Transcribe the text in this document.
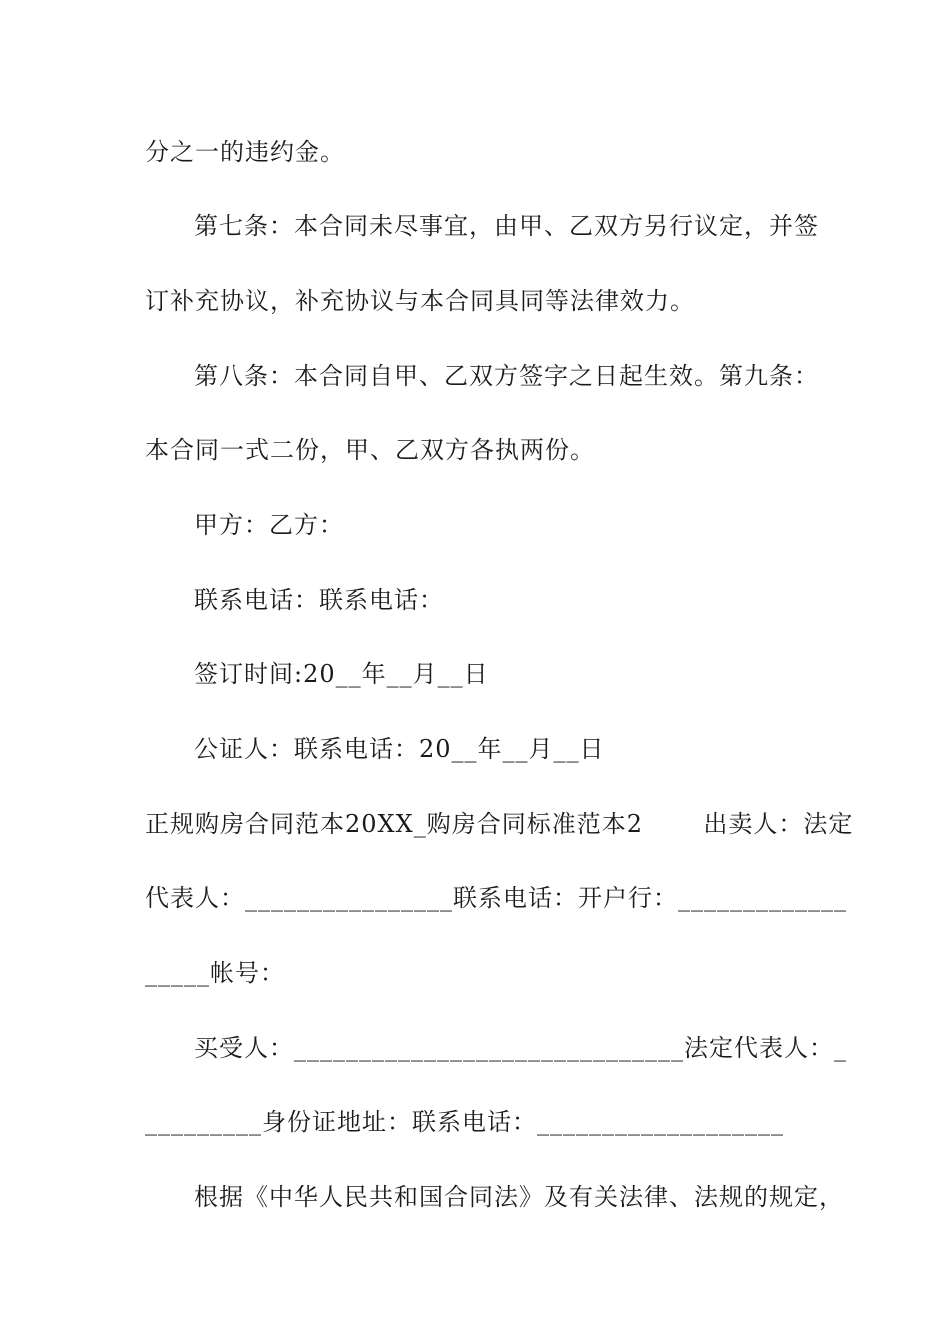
分之一的违约金。
第七条：本合同未尽事宜，由甲、乙双方另行议定，并签
订补充协议，补充协议与本合同具同等法律效力。
第八条：本合同自甲、乙双方签字之日起生效。第九条：
本合同一式二份，甲、乙双方各执两份。
甲方：乙方：
联系电话：联系电话：
签订时间:20__年__月__日
公证人：联系电话：20__年__月__日
正规购房合同范本20XX_购房合同标准范本2       出卖人：法定
代表人：________________联系电话：开户行：_____________
_____帐号：
买受人：______________________________法定代表人：_
_________身份证地址：联系电话：___________________
根据《中华人民共和国合同法》及有关法律、法规的规定，
